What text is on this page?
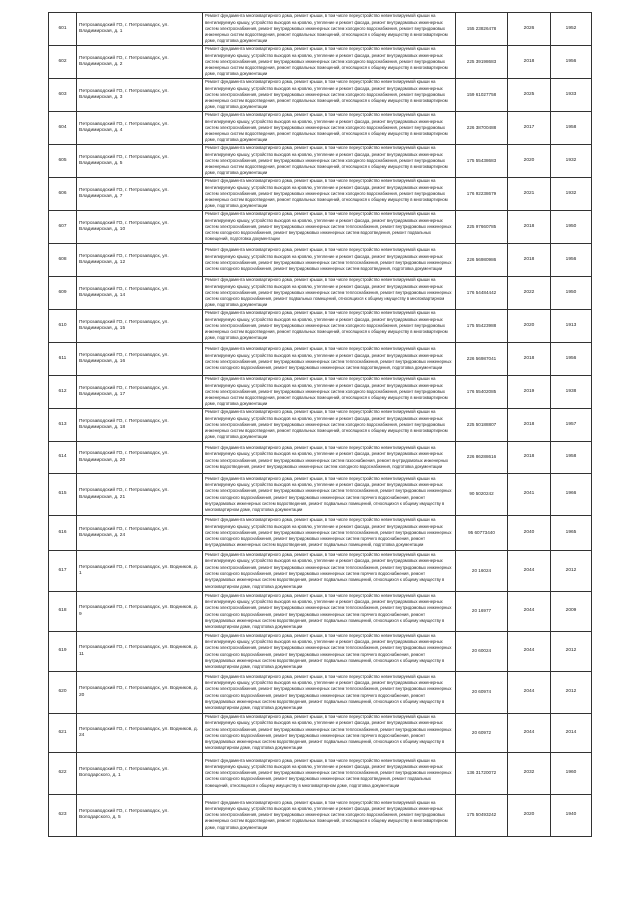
601	Петрозаводский ГО, г. Петрозаводск, ул. Владимирская, д. 1	Ремонт фундамента многоквартирного дома, ремонт крыши, в том числе переустройство невентилируемой крыши на вентилируемую крышу, устройство выходов на кровлю, утепление и ремонт фасада, ремонт внутридомовых инженерных систем электроснабжения, ремонт внутридомовых инженерных систем холодного водоснабжения, ремонт внутридомовых инженерных систем водоотведения, ремонт подвальных помещений, относящихся к общему имуществу в многоквартирном доме, подготовка документации	155 23826478	2026	1952
602	Петрозаводский ГО, г. Петрозаводск, ул. Владимирская, д. 2	Ремонт фундамента многоквартирного дома, ремонт крыши, в том числе переустройство невентилируемой крыши на вентилируемую крышу, устройство выходов на кровлю, утепление и ремонт фасада, ремонт внутридомовых инженерных систем электроснабжения, ремонт внутридомовых инженерных систем холодного водоснабжения, ремонт внутридомовых инженерных систем водоотведения, ремонт подвальных помещений, относящихся к общему имуществу в многоквартирном доме, подготовка документации	225 39198683	2018	1956
603	Петрозаводский ГО, г. Петрозаводск, ул. Владимирская, д. 3	Ремонт фундамента многоквартирного дома, ремонт крыши, в том числе переустройство невентилируемой крыши на вентилируемую крышу, устройство выходов на кровлю, утепление и ремонт фасада, ремонт внутридомовых инженерных систем электроснабжения, ремонт внутридомовых инженерных систем холодного водоснабжения, ремонт внутридомовых инженерных систем водоотведения, ремонт подвальных помещений, относящихся к общему имуществу в многоквартирном доме, подготовка документации	159 61027758	2025	1933
604	Петрозаводский ГО, г. Петрозаводск, ул. Владимирская, д. 4	Ремонт фундамента многоквартирного дома, ремонт крыши, в том числе переустройство невентилируемой крыши на вентилируемую крышу, устройство выходов на кровлю, утепление и ремонт фасада, ремонт внутридомовых инженерных систем электроснабжения, ремонт внутридомовых инженерных систем холодного водоснабжения, ремонт внутридомовых инженерных систем водоотведения, ремонт подвальных помещений, относящихся к общему имуществу в многоквартирном доме, подготовка документации	226 38700488	2017	1958
605	Петрозаводский ГО, г. Петрозаводск, ул. Владимирская, д. 5	Ремонт фундамента многоквартирного дома, ремонт крыши, в том числе переустройство невентилируемой крыши на вентилируемую крышу, устройство выходов на кровлю, утепление и ремонт фасада, ремонт внутридомовых инженерных систем электроснабжения, ремонт внутридомовых инженерных систем холодного водоснабжения, ремонт внутридомовых инженерных систем водоотведения, ремонт подвальных помещений, относящихся к общему имуществу в многоквартирном доме, подготовка документации	175 55438683	2020	1932
606	Петрозаводский ГО, г. Петрозаводск, ул. Владимирская, д. 7	Ремонт фундамента многоквартирного дома, ремонт крыши, в том числе переустройство невентилируемой крыши на вентилируемую крышу, устройство выходов на кровлю, утепление и ремонт фасада, ремонт внутридомовых инженерных систем электроснабжения, ремонт внутридомовых инженерных систем холодного водоснабжения, ремонт внутридомовых инженерных систем водоотведения, ремонт подвальных помещений, относящихся к общему имуществу в многоквартирном доме, подготовка документации	176 92238679	2021	1932
607	Петрозаводский ГО, г. Петрозаводск, ул. Владимирская, д. 10	Ремонт фундамента многоквартирного дома, ремонт крыши, в том числе переустройство невентилируемой крыши на вентилируемую крышу, устройство выходов на кровлю, утепление и ремонт фасада, ремонт внутридомовых инженерных систем электроснабжения, ремонт внутридомовых инженерных систем теплоснабжения, ремонт внутридомовых инженерных систем холодного водоснабжения, ремонт внутридомовых инженерных систем водоотведения, ремонт подвальных помещений, подготовка документации	225 97660785	2018	1950
608	Петрозаводский ГО, г. Петрозаводск, ул. Владимирская, д. 12	Ремонт фундамента многоквартирного дома, ремонт крыши, в том числе переустройство невентилируемой крыши на вентилируемую крышу, устройство выходов на кровлю, утепление и ремонт фасада, ремонт внутридомовых инженерных систем электроснабжения, ремонт внутридомовых инженерных систем теплоснабжения, ремонт внутридомовых инженерных систем холодного водоснабжения, ремонт внутридомовых инженерных систем водоотведения, подготовка документации	226 56980986	2018	1956
609	Петрозаводский ГО, г. Петрозаводск, ул. Владимирская, д. 14	Ремонт фундамента многоквартирного дома, ремонт крыши, в том числе переустройство невентилируемой крыши на вентилируемую крышу, устройство выходов на кровлю, утепление и ремонт фасада, ремонт внутридомовых инженерных систем электроснабжения, ремонт внутридомовых инженерных систем теплоснабжения, ремонт внутридомовых инженерных систем холодного водоснабжения, ремонт подвальных помещений, относящихся к общему имуществу в многоквартирном доме, подготовка документации	176 54484442	2022	1950
610	Петрозаводский ГО, г. Петрозаводск, ул. Владимирская, д. 15	Ремонт фундамента многоквартирного дома, ремонт крыши, в том числе переустройство невентилируемой крыши на вентилируемую крышу, устройство выходов на кровлю, утепление и ремонт фасада, ремонт внутридомовых инженерных систем электроснабжения, ремонт внутридомовых инженерных систем холодного водоснабжения, ремонт внутридомовых инженерных систем водоотведения, ремонт подвальных помещений, относящихся к общему имуществу в многоквартирном доме, подготовка документации	175 55423988	2020	1913
611	Петрозаводский ГО, г. Петрозаводск, ул. Владимирская, д. 16	Ремонт фундамента многоквартирного дома, ремонт крыши, в том числе переустройство невентилируемой крыши на вентилируемую крышу, устройство выходов на кровлю, утепление и ремонт фасада, ремонт внутридомовых инженерных систем электроснабжения, ремонт внутридомовых инженерных систем теплоснабжения, ремонт внутридомовых инженерных систем холодного водоснабжения, ремонт внутридомовых инженерных систем водоотведения, подготовка документации	226 56987041	2018	1956
612	Петрозаводский ГО, г. Петрозаводск, ул. Владимирская, д. 17	Ремонт фундамента многоквартирного дома, ремонт крыши, в том числе переустройство невентилируемой крыши на вентилируемую крышу, устройство выходов на кровлю, утепление и ремонт фасада, ремонт внутридомовых инженерных систем электроснабжения, ремонт внутридомовых инженерных систем холодного водоснабжения, ремонт внутридомовых инженерных систем водоотведения, ремонт подвальных помещений, относящихся к общему имуществу в многоквартирном доме, подготовка документации	176 55402085	2019	1938
613	Петрозаводский ГО, г. Петрозаводск, ул. Владимирская, д. 18	Ремонт фундамента многоквартирного дома, ремонт крыши, в том числе переустройство невентилируемой крыши на вентилируемую крышу, устройство выходов на кровлю, утепление и ремонт фасада, ремонт внутридомовых инженерных систем электроснабжения, ремонт внутридомовых инженерных систем холодного водоснабжения, ремонт внутридомовых инженерных систем водоотведения, ремонт подвальных помещений, относящихся к общему имуществу в многоквартирном доме, подготовка документации	225 50188807	2018	1957
614	Петрозаводский ГО, г. Петрозаводск, ул. Владимирская, д. 20	Ремонт фундамента многоквартирного дома, ремонт крыши, в том числе переустройство невентилируемой крыши на вентилируемую крышу, устройство выходов на кровлю, утепление и ремонт фасада, ремонт внутридомовых инженерных систем электроснабжения, ремонт внутридомовых инженерных систем газоснабжения, ремонт внутридомовых инженерных систем водоотведения, ремонт внутридомовых инженерных систем холодного водоснабжения, подготовка документации	226 86288616	2018	1958
615	Петрозаводский ГО, г. Петрозаводск, ул. Владимирская, д. 21	Ремонт фундамента многоквартирного дома, ремонт крыши, в том числе переустройство невентилируемой крыши на вентилируемую крышу, устройство выходов на кровлю, утепление и ремонт фасада, ремонт внутридомовых инженерных систем электроснабжения, ремонт внутридомовых инженерных систем теплоснабжения, ремонт внутридомовых инженерных систем холодного водоснабжения, ремонт внутридомовых инженерных систем горячего водоснабжения, ремонт внутридомовых инженерных систем водоотведения, ремонт подвальных помещений, относящихся к общему имуществу в многоквартирном доме, подготовка документации	90 5020242	2041	1966
616	Петрозаводский ГО, г. Петрозаводск, ул. Владимирская, д. 24	Ремонт фундамента многоквартирного дома, ремонт крыши, в том числе переустройство невентилируемой крыши на вентилируемую крышу, устройство выходов на кровлю, утепление и ремонт фасада, ремонт внутридомовых инженерных систем электроснабжения, ремонт внутридомовых инженерных систем теплоснабжения, ремонт внутридомовых инженерных систем холодного водоснабжения, ремонт внутридомовых инженерных систем горячего водоснабжения, ремонт внутридомовых инженерных систем водоотведения, ремонт подвальных помещений, подготовка документации	95 60773440	2040	1965
617	Петрозаводский ГО, г. Петрозаводск, ул. Водников, д. 1	Ремонт фундамента многоквартирного дома, ремонт крыши, в том числе переустройство невентилируемой крыши на вентилируемую крышу, устройство выходов на кровлю, утепление и ремонт фасада, ремонт внутридомовых инженерных систем электроснабжения, ремонт внутридомовых инженерных систем теплоснабжения, ремонт внутридомовых инженерных систем холодного водоснабжения, ремонт внутридомовых инженерных систем горячего водоснабжения, ремонт внутридомовых инженерных систем водоотведения, ремонт подвальных помещений, относящихся к общему имуществу в многоквартирном доме, подготовка документации	20 16024	2044	2012
618	Петрозаводский ГО, г. Петрозаводск, ул. Водников, д. 9	Ремонт фундамента многоквартирного дома, ремонт крыши, в том числе переустройство невентилируемой крыши на вентилируемую крышу, устройство выходов на кровлю, утепление и ремонт фасада, ремонт внутридомовых инженерных систем электроснабжения, ремонт внутридомовых инженерных систем теплоснабжения, ремонт внутридомовых инженерных систем холодного водоснабжения, ремонт внутридомовых инженерных систем горячего водоснабжения, ремонт внутридомовых инженерных систем водоотведения, ремонт подвальных помещений, относящихся к общему имуществу в многоквартирном доме, подготовка документации	20 16977	2044	2009
619	Петрозаводский ГО, г. Петрозаводск, ул. Водников, д. 11	Ремонт фундамента многоквартирного дома, ремонт крыши, в том числе переустройство невентилируемой крыши на вентилируемую крышу, устройство выходов на кровлю, утепление и ремонт фасада, ремонт внутридомовых инженерных систем электроснабжения, ремонт внутридомовых инженерных систем теплоснабжения, ремонт внутридомовых инженерных систем холодного водоснабжения, ремонт внутридомовых инженерных систем горячего водоснабжения, ремонт внутридомовых инженерных систем водоотведения, ремонт подвальных помещений, относящихся к общему имуществу в многоквартирном доме, подготовка документации	20 60024	2044	2012
620	Петрозаводский ГО, г. Петрозаводск, ул. Водников, д. 20	Ремонт фундамента многоквартирного дома, ремонт крыши, в том числе переустройство невентилируемой крыши на вентилируемую крышу, устройство выходов на кровлю, утепление и ремонт фасада, ремонт внутридомовых инженерных систем электроснабжения, ремонт внутридомовых инженерных систем теплоснабжения, ремонт внутридомовых инженерных систем холодного водоснабжения, ремонт внутридомовых инженерных систем горячего водоснабжения, ремонт внутридомовых инженерных систем водоотведения, ремонт подвальных помещений, относящихся к общему имуществу в многоквартирном доме, подготовка документации	20 60974	2044	2012
621	Петрозаводский ГО, г. Петрозаводск, ул. Водников, д. 24	Ремонт фундамента многоквартирного дома, ремонт крыши, в том числе переустройство невентилируемой крыши на вентилируемую крышу, устройство выходов на кровлю, утепление и ремонт фасада, ремонт внутридомовых инженерных систем электроснабжения, ремонт внутридомовых инженерных систем теплоснабжения, ремонт внутридомовых инженерных систем холодного водоснабжения, ремонт внутридомовых инженерных систем горячего водоснабжения, ремонт внутридомовых инженерных систем водоотведения, ремонт подвальных помещений, относящихся к общему имуществу в многоквартирном доме, подготовка документации	20 60972	2044	2014
622	Петрозаводский ГО, г. Петрозаводск, ул. Володарского, д. 1	Ремонт фундамента многоквартирного дома, ремонт крыши, в том числе переустройство невентилируемой крыши на вентилируемую крышу, устройство выходов на кровлю, утепление и ремонт фасада, ремонт внутридомовых инженерных систем электроснабжения, ремонт внутридомовых инженерных систем теплоснабжения, ремонт внутридомовых инженерных систем холодного водоснабжения, ремонт внутридомовых инженерных систем водоотведения, ремонт подвальных помещений, относящихся к общему имуществу в многоквартирном доме, подготовка документации	136 31720072	2032	1960
623	Петрозаводский ГО, г. Петрозаводск, ул. Володарского, д. 5	Ремонт фундамента многоквартирного дома, ремонт крыши, в том числе переустройство невентилируемой крыши на вентилируемую крышу, устройство выходов на кровлю, утепление и ремонт фасада, ремонт внутридомовых инженерных систем электроснабжения, ремонт внутридомовых инженерных систем холодного водоснабжения, ремонт внутридомовых инженерных систем водоотведения, ремонт подвальных помещений, относящихся к общему имуществу в многоквартирном доме, подготовка документации	175 50493242	2020	1940
